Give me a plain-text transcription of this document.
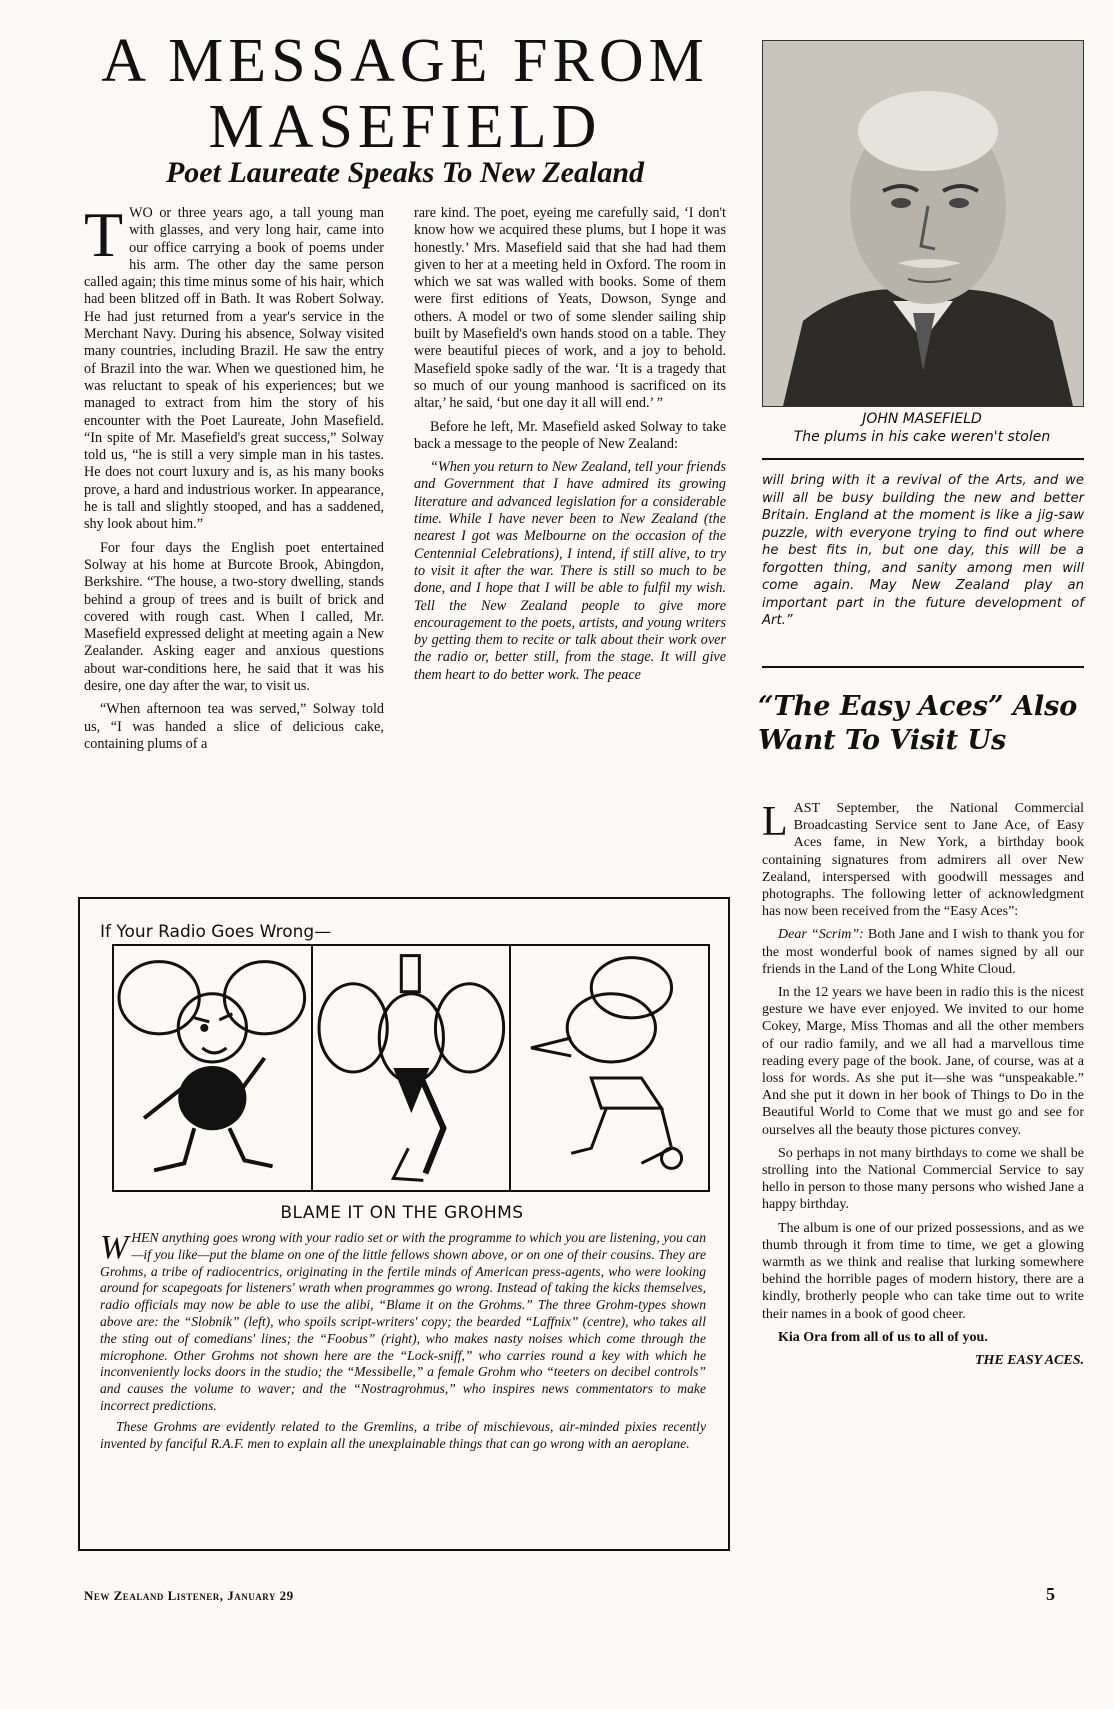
A MESSAGE FROM MASEFIELD
Poet Laureate Speaks To New Zealand

TWO or three years ago, a tall young man with glasses, and very long hair, came into our office carrying a book of poems under his arm. The other day the same person called again; this time minus some of his hair, which had been blitzed off in Bath. It was Robert Solway. He had just returned from a year's service in the Merchant Navy. During his absence, Solway visited many countries, including Brazil. He saw the entry of Brazil into the war. When we questioned him, he was reluctant to speak of his experiences; but we managed to extract from him the story of his encounter with the Poet Laureate, John Masefield. “In spite of Mr. Masefield's great success,” Solway told us, “he is still a very simple man in his tastes. He does not court luxury and is, as his many books prove, a hard and industrious worker. In appearance, he is tall and slightly stooped, and has a saddened, shy look about him.”

For four days the English poet entertained Solway at his home at Burcote Brook, Abingdon, Berkshire. “The house, a two-story dwelling, stands behind a group of trees and is built of brick and covered with rough cast. When I called, Mr. Masefield expressed delight at meeting again a New Zealander. Asking eager and anxious questions about war-conditions here, he said that it was his desire, one day after the war, to visit us.

“When afternoon tea was served,” Solway told us, “I was handed a slice of delicious cake, containing plums of a

rare kind. The poet, eyeing me carefully said, ‘I don't know how we acquired these plums, but I hope it was honestly.’ Mrs. Masefield said that she had had them given to her at a meeting held in Oxford. The room in which we sat was walled with books. Some of them were first editions of Yeats, Dowson, Synge and others. A model or two of some slender sailing ship built by Masefield's own hands stood on a table. They were beautiful pieces of work, and a joy to behold. Masefield spoke sadly of the war. ‘It is a tragedy that so much of our young manhood is sacrificed on its altar,’ he said, ‘but one day it all will end.’ ”

Before he left, Mr. Masefield asked Solway to take back a message to the people of New Zealand:

“When you return to New Zealand, tell your friends and Government that I have admired its growing literature and advanced legislation for a considerable time. While I have never been to New Zealand (the nearest I got was Melbourne on the occasion of the Centennial Celebrations), I intend, if still alive, to try to visit it after the war. There is still so much to be done, and I hope that I will be able to fulfil my wish. Tell the New Zealand people to give more encouragement to the poets, artists, and young writers by getting them to recite or talk about their work over the radio or, better still, from the stage. It will give them heart to do better work. The peace

JOHN MASEFIELD
The plums in his cake weren't stolen

will bring with it a revival of the Arts, and we will all be busy building the new and better Britain. England at the moment is like a jig-saw puzzle, with everyone trying to find out where he best fits in, but one day, this will be a forgotten thing, and sanity among men will come again. May New Zealand play an important part in the future development of Art.”

“The Easy Aces” Also Want To Visit Us

LAST September, the National Commercial Broadcasting Service sent to Jane Ace, of Easy Aces fame, in New York, a birthday book containing signatures from admirers all over New Zealand, interspersed with goodwill messages and photographs. The following letter of acknowledgment has now been received from the “Easy Aces”:

Dear “Scrim”: Both Jane and I wish to thank you for the most wonderful book of names signed by all our friends in the Land of the Long White Cloud.

In the 12 years we have been in radio this is the nicest gesture we have ever enjoyed. We invited to our home Cokey, Marge, Miss Thomas and all the other members of our radio family, and we all had a marvellous time reading every page of the book. Jane, of course, was at a loss for words. As she put it—she was “unspeakable.” And she put it down in her book of Things to Do in the Beautiful World to Come that we must go and see for ourselves all the beauty those pictures convey.

So perhaps in not many birthdays to come we shall be strolling into the National Commercial Service to say hello in person to those many persons who wished Jane a happy birthday.

The album is one of our prized possessions, and as we thumb through it from time to time, we get a glowing warmth as we think and realise that lurking somewhere behind the horrible pages of modern history, there are a kindly, brotherly people who can take time out to write their names in a book of good cheer.

Kia Ora from all of us to all of you.

THE EASY ACES.
If Your Radio Goes Wrong—
BLAME IT ON THE GROHMS

WHEN anything goes wrong with your radio set or with the programme to which you are listening, you can—if you like—put the blame on one of the little fellows shown above, or on one of their cousins. They are Grohms, a tribe of radiocentrics, originating in the fertile minds of American press-agents, who were looking around for scapegoats for listeners' wrath when programmes go wrong. Instead of taking the kicks themselves, radio officials may now be able to use the alibi, “Blame it on the Grohms.” The three Grohm-types shown above are: the “Slobnik” (left), who spoils script-writers' copy; the bearded “Laffnix” (centre), who takes all the sting out of comedians' lines; the “Foobus” (right), who makes nasty noises which come through the microphone. Other Grohms not shown here are the “Lock-sniff,” who carries round a key with which he inconveniently locks doors in the studio; the “Messibelle,” a female Grohm who “teeters on decibel controls” and causes the volume to waver; and the “Nostragrohmus,” who inspires news commentators to make incorrect predictions.

These Grohms are evidently related to the Gremlins, a tribe of mischievous, air-minded pixies recently invented by fanciful R.A.F. men to explain all the unexplainable things that can go wrong with an aeroplane.

New Zealand Listener, January 29	5
